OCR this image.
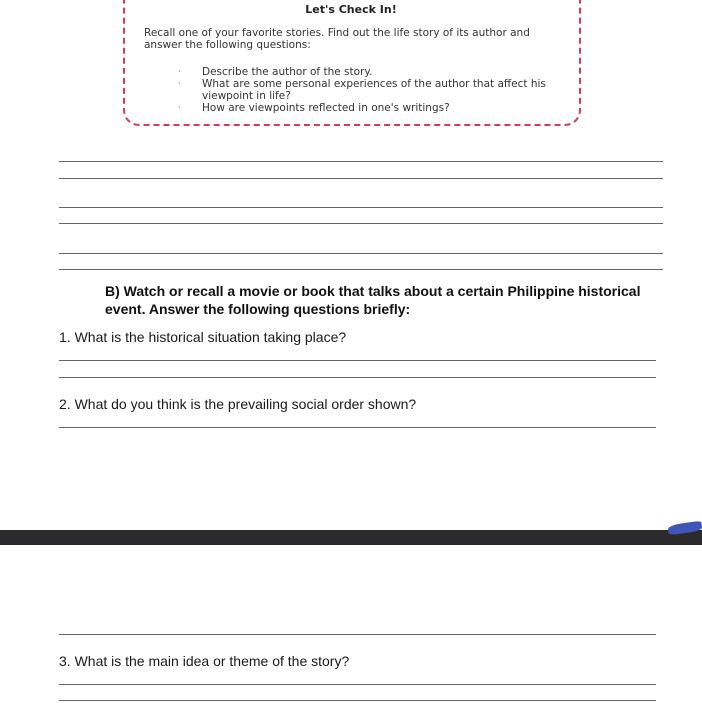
Let's Check In!
Recall one of your favorite stories. Find out the life story of its author and answer the following questions:
· Describe the author of the story.
· What are some personal experiences of the author that affect his viewpoint in life?
· How are viewpoints reflected in one's writings?
B) Watch or recall a movie or book that talks about a certain Philippine historical event. Answer the following questions briefly:
1. What is the historical situation taking place?
2. What do you think is the prevailing social order shown?
3. What is the main idea or theme of the story?
